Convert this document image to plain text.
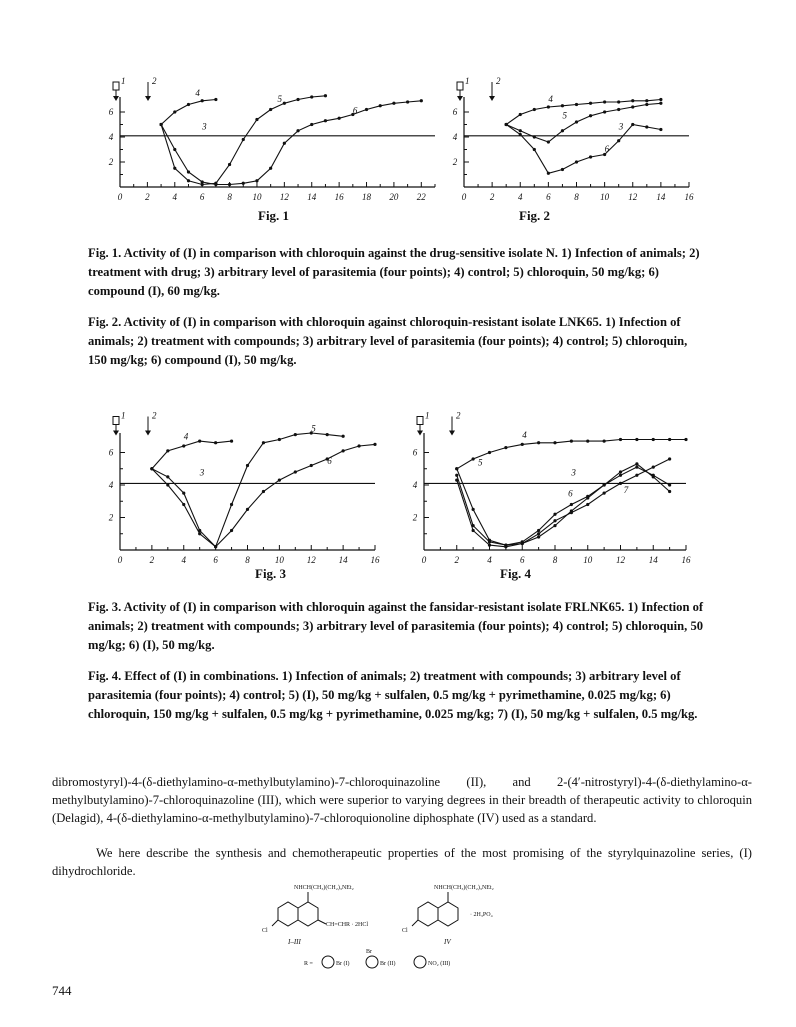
0	2	4	6	8 10 12 14 16 18 20 22
2
4
6
1	2
3
4
5
6
0	2	4	6	8 10 12 14 16
2
4
6
1	2
3
4
5
6
0	2	4	6	8	10	12	14	16
2
4
6
1	2
3
4
5
6
0	2	4	6	8	10	12	14	16
2
4
6
1	2
3
4
5
6	7
Fig. 1	Fig. 2
Fig. 3	Fig. 4

Fig. 1. Activity of (I) in comparison with chloroquin against the drug-sensitive isolate N. 1) Infection of animals; 2) treatment with drug; 3) arbitrary level of parasitemia (four points); 4) control; 5) chloroquin, 50 mg/kg; 6) compound (I), 60 mg/kg.

Fig. 2. Activity of (I) in comparison with chloroquin against chloroquin-resistant isolate LNK65. 1) Infection of animals; 2) treatment with compounds; 3) arbitrary level of parasitemia (four points); 4) control; 5) chloroquin, 150 mg/kg; 6) compound (I), 50 mg/kg.

Fig. 3. Activity of (I) in comparison with chloroquin against the fansidar-resistant isolate FRLNK65. 1) Infection of animals; 2) treatment with compounds; 3) arbitrary level of parasitemia (four points); 4) control; 5) chloroquin, 50 mg/kg; 6) (I), 50 mg/kg.

Fig. 4. Effect of (I) in combinations. 1) Infection of animals; 2) treatment with compounds; 3) arbitrary level of parasitemia (four points); 4) control; 5) (I), 50 mg/kg + sulfalen, 0.5 mg/kg + pyrimethamine, 0.025 mg/kg; 6) chloroquin, 150 mg/kg + sulfalen, 0.5 mg/kg + pyrimethamine, 0.025 mg/kg; 7) (I), 50 mg/kg + sulfalen, 0.5 mg/kg.

dibromostyryl)-4-(δ-diethylamino-α-methylbutylamino)-7-chloroquinazoline (II), and 2-(4′-nitrostyryl)-4-(δ-diethylamino-α-methylbutylamino)-7-chloroquinazoline (III), which were superior to varying degrees in their breadth of therapeutic activity to chloroquin (Delagid), 4-(δ-diethylamino-α-methylbutylamino)-7-chloroquionoline diphosphate (IV) used as a standard.

We here describe the synthesis and chemotherapeutic properties of the most promising of the styrylquinazoline series, (I) dihydrochloride.

NHCH(CH₃)(CH₂)₃NEt₂	NHCH(CH₃)(CH₂)₃NEt₂
CH=CHR · 2HCl
· 2H₃PO₄
Cl	Cl
I–III	IV
Br
R =	Br (I)	Br (II)	NO₂ (III)
744
